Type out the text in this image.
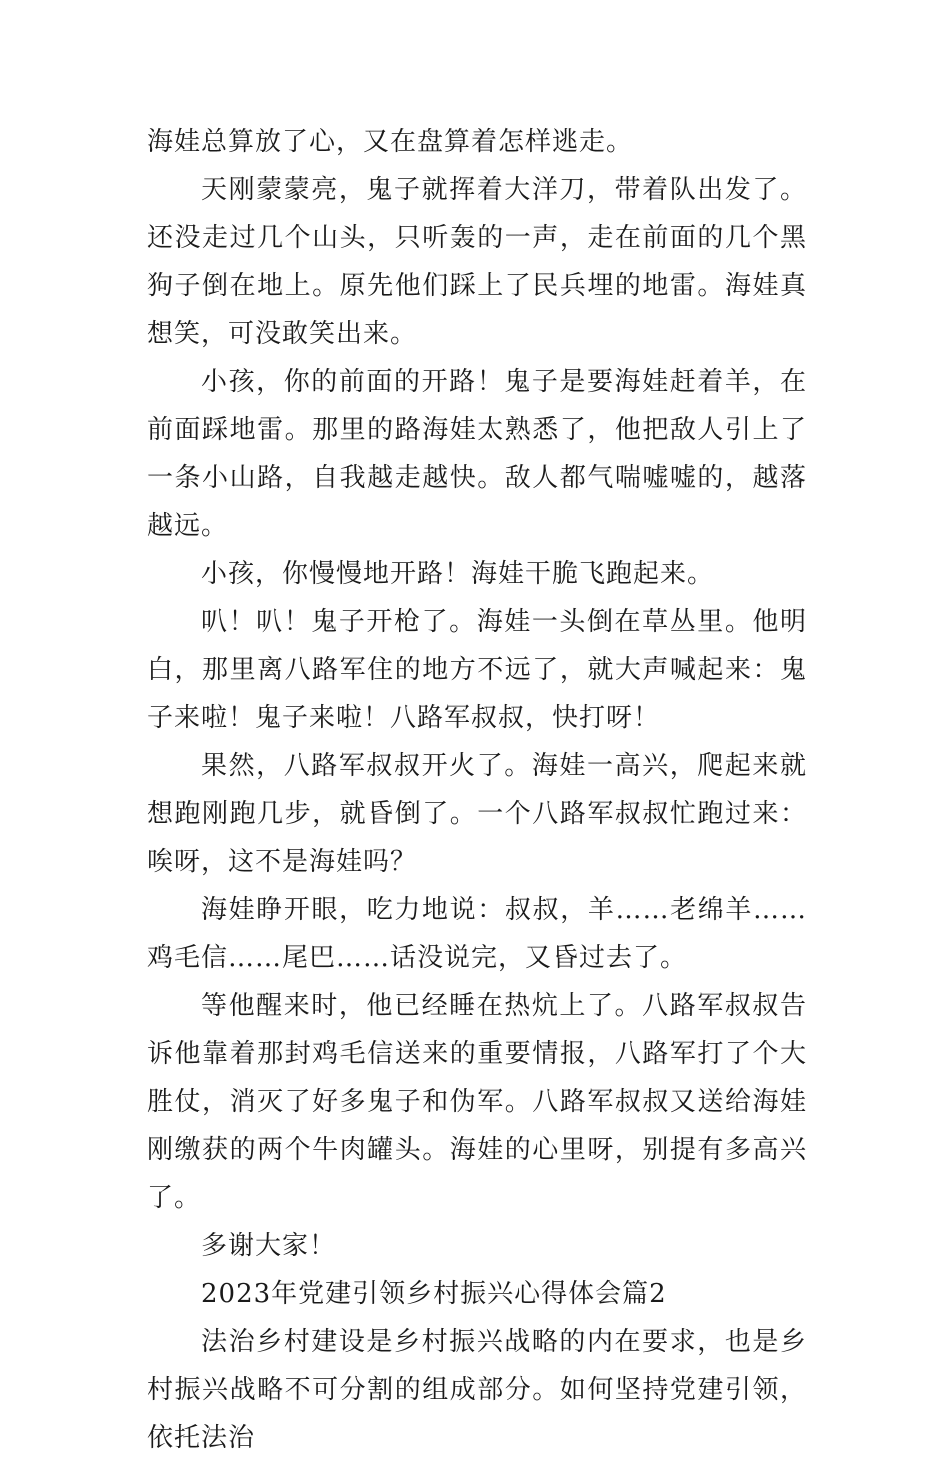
海娃总算放了心，又在盘算着怎样逃走。

天刚蒙蒙亮，鬼子就挥着大洋刀，带着队出发了。还没走过几个山头，只听轰的一声，走在前面的几个黑狗子倒在地上。原先他们踩上了民兵埋的地雷。海娃真想笑，可没敢笑出来。

小孩，你的前面的开路！鬼子是要海娃赶着羊，在前面踩地雷。那里的路海娃太熟悉了，他把敌人引上了一条小山路，自我越走越快。敌人都气喘嘘嘘的，越落越远。

小孩，你慢慢地开路！海娃干脆飞跑起来。

叭！叭！鬼子开枪了。海娃一头倒在草丛里。他明白，那里离八路军住的地方不远了，就大声喊起来：鬼子来啦！鬼子来啦！八路军叔叔，快打呀！

果然，八路军叔叔开火了。海娃一高兴，爬起来就想跑刚跑几步，就昏倒了。一个八路军叔叔忙跑过来：唉呀，这不是海娃吗？

海娃睁开眼，吃力地说：叔叔，羊……老绵羊……鸡毛信……尾巴……话没说完，又昏过去了。

等他醒来时，他已经睡在热炕上了。八路军叔叔告诉他靠着那封鸡毛信送来的重要情报，八路军打了个大胜仗，消灭了好多鬼子和伪军。八路军叔叔又送给海娃刚缴获的两个牛肉罐头。海娃的心里呀，别提有多高兴了。

多谢大家！

2023年党建引领乡村振兴心得体会篇2

法治乡村建设是乡村振兴战略的内在要求，也是乡村振兴战略不可分割的组成部分。如何坚持党建引领，依托法治
